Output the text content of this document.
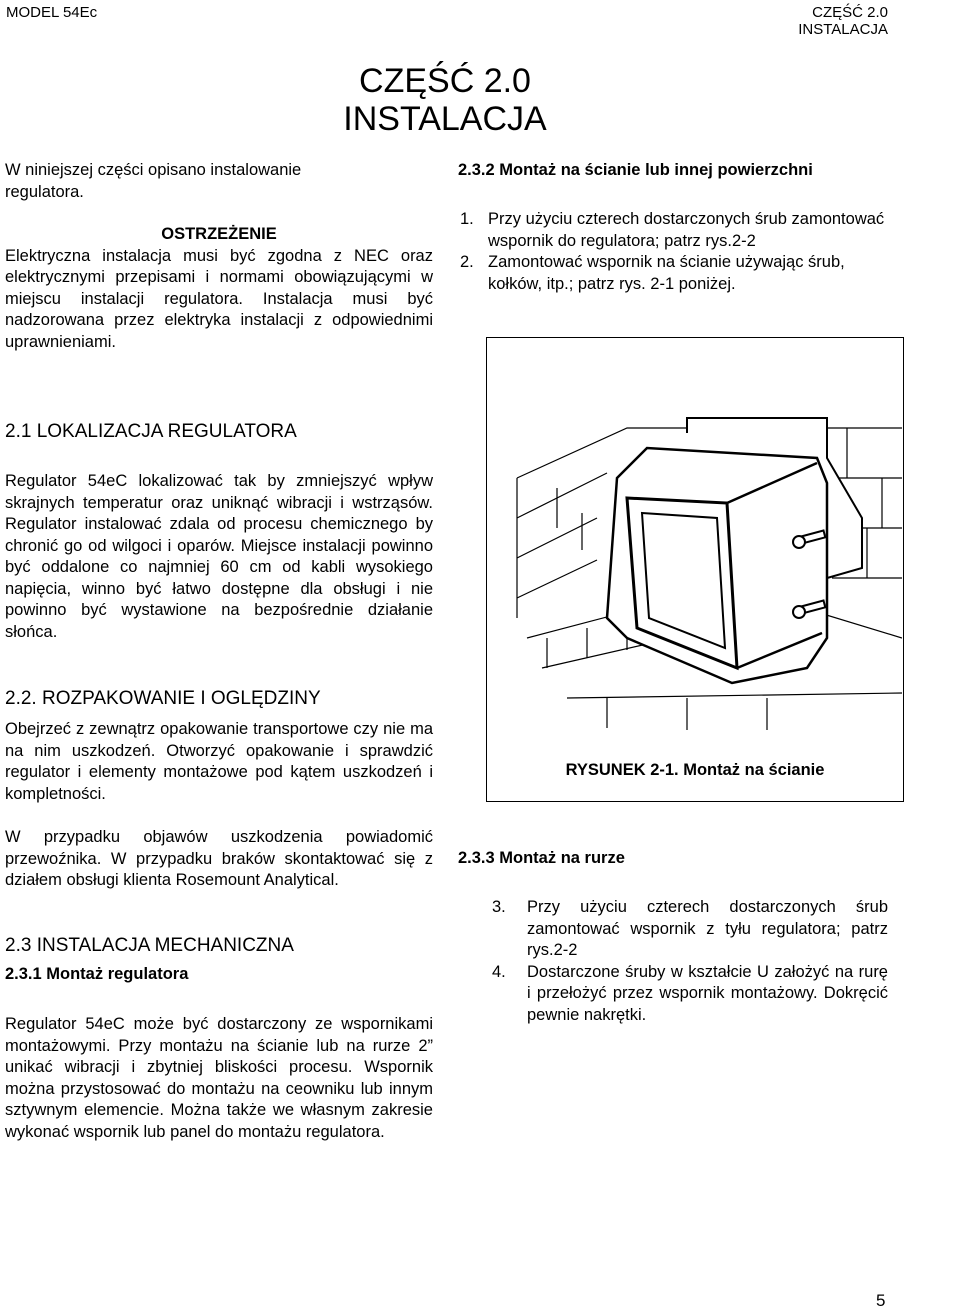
MODEL 54Ec	CZĘŚĆ 2.0
INSTALACJA
CZĘŚĆ 2.0
INSTALACJA
W niniejszej części opisano instalowanie regulatora.
OSTRZEŻENIE
Elektryczna instalacja musi być zgodna z NEC oraz elektrycznymi przepisami i normami obowiązującymi w miejscu instalacji regulatora. Instalacja musi być nadzorowana przez elektryka instalacji z odpowiednimi uprawnieniami.
2.1 LOKALIZACJA REGULATORA
Regulator 54eC lokalizować tak by zmniejszyć wpływ skrajnych temperatur oraz uniknąć wibracji i wstrząsów. Regulator instalować zdala od procesu chemicznego by chronić go od wilgoci i oparów. Miejsce instalacji powinno być oddalone co najmniej 60 cm od kabli wysokiego napięcia, winno być łatwo dostępne dla obsługi i nie powinno być wystawione na bezpośrednie działanie słońca.
2.2. ROZPAKOWANIE I OGLĘDZINY
Obejrzeć z zewnątrz opakowanie transportowe czy nie ma na nim uszkodzeń. Otworzyć opakowanie i sprawdzić regulator i elementy montażowe pod kątem uszkodzeń i kompletności.
W przypadku objawów uszkodzenia powiadomić przewoźnika. W przypadku braków skontaktować się z działem obsługi klienta Rosemount Analytical.
2.3 INSTALACJA MECHANICZNA
2.3.1 Montaż regulatora
Regulator 54eC może być dostarczony ze wspornikami montażowymi. Przy montażu na ścianie lub na rurze 2” unikać wibracji i zbytniej bliskości procesu. Wspornik można przystosować do montażu na ceowniku lub innym sztywnym elemencie. Można także we własnym zakresie wykonać wspornik lub panel do montażu regulatora.
2.3.2 Montaż na ścianie lub innej powierzchni
1. Przy użyciu czterech dostarczonych śrub zamontować wspornik do regulatora; patrz rys.2-2
2. Zamontować wspornik na ścianie używając śrub, kołków, itp.; patrz rys. 2-1 poniżej.
RYSUNEK 2-1. Montaż na ścianie
2.3.3 Montaż na rurze
3. Przy użyciu czterech dostarczonych śrub zamontować wspornik z tyłu regulatora; patrz rys.2-2
4. Dostarczone śruby w kształcie U założyć na rurę i przełożyć przez wspornik montażowy. Dokręcić pewnie nakrętki.
5
